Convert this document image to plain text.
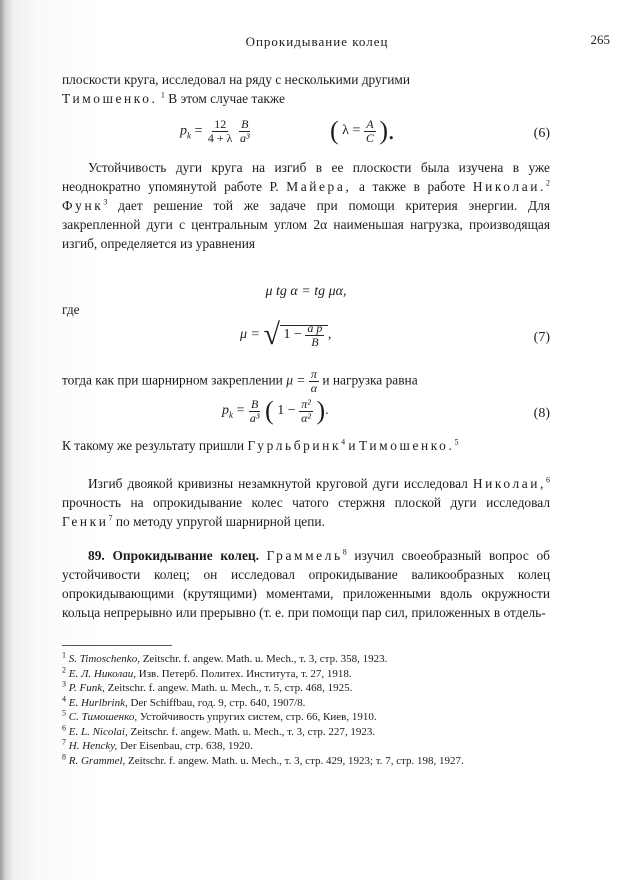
Опрокидывание колец	265

плоскости круга, исследовал на ряду с несколькими другими
Тимошенко. $^1$ В этом случае также

$p_k = \frac{12}{4 + \lambda}$
$\frac{B}{\text{a³}}$	( $\lambda = \frac{A}{C}$ ).	(6)

Устойчивость дуги круга на изгиб в ее плоскости была изучена в уже неоднократно упомянутой работе Р. Майера, а также в работе Николаи.$^2$ Функ$^3$ дает решение той же задаче при помощи критерия энергии. Для закрепленной дуги с центральным углом 2α наименьшая нагрузка, производящая изгиб, определяется из уравнения

μ tg α = tg μα,
где
μ = √ $1 - \frac{\text{a p}}{B}$ ,	(7)

тогда как при шарнирном закреплении $\mu = \frac{\pi}{\alpha}$ и нагрузка равна

$p_k = \frac{B}{\text{a³}}$ ( $1 - \frac{\text{π²}}{\text{α²}}$ ).	(8)

К такому же результату пришли Гурльбринк$^4$ и Тимошенко.$^5$

Изгиб двоякой кривизны незамкнутой круговой дуги исследовал Николаи,$^6$ прочность на опрокидывание колес чатого стержня плоской дуги исследовал Генки$^7$ по методу упругой шарнирной цепи.

89. Опрокидывание колец. Граммель$^8$ изучил своеобразный вопрос об устойчивости колец; он исследовал опрокидывание валикообразных колец опрокидывающими (крутящими) моментами, приложенными вдоль окружности кольца непрерывно или прерывно (т. е. при помощи пар сил, приложенных в отдель-

$^1$ S. Timoschenko, Zeitschr. f. angew. Math. u. Mech., т. 3, стр. 358, 1923.

$^2$ Е. Л. Николаи, Изв. Петерб. Политех. Института, т. 27, 1918.

$^3$ P. Funk, Zeitschr. f. angew. Math. u. Mech., т. 5, стр. 468, 1925.

$^4$ E. Hurlbrink, Der Schiffbau, год. 9, стр. 640, 1907/8.

$^5$ С. Тимошенко, Устойчивость упругих систем, стр. 66, Киев, 1910.

$^6$ E. L. Nicolai, Zeitschr. f. angew. Math. u. Mech., т. 3, стр. 227, 1923.

$^7$ H. Hencky, Der Eisenbau, стр. 638, 1920.

$^8$ R. Grammel, Zeitschr. f. angew. Math. u. Mech., т. 3, стр. 429, 1923; т. 7, стр. 198, 1927.
